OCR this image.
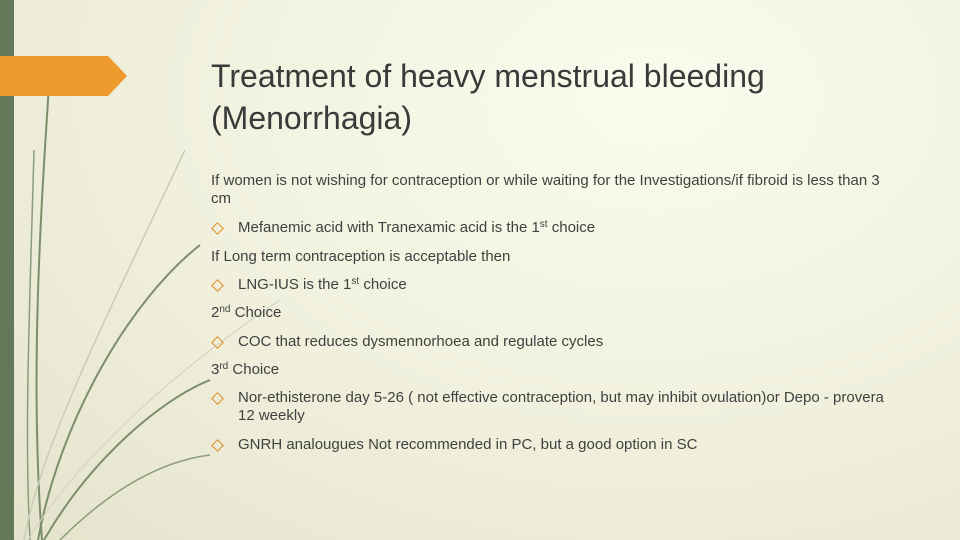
Treatment of heavy menstrual bleeding
(Menorrhagia)

If women is not wishing for contraception or while waiting for the Investigations/if fibroid is less than 3 cm

Mefanemic acid with Tranexamic acid is the 1st choice

If Long term contraception is acceptable then

LNG-IUS is the 1st choice

2nd Choice

COC that reduces dysmennorhoea and regulate cycles

3rd Choice

Nor-ethisterone day 5-26 ( not effective contraception, but may inhibit ovulation)or Depo - provera 12 weekly
GNRH analougues Not recommended in PC, but a good option in SC
